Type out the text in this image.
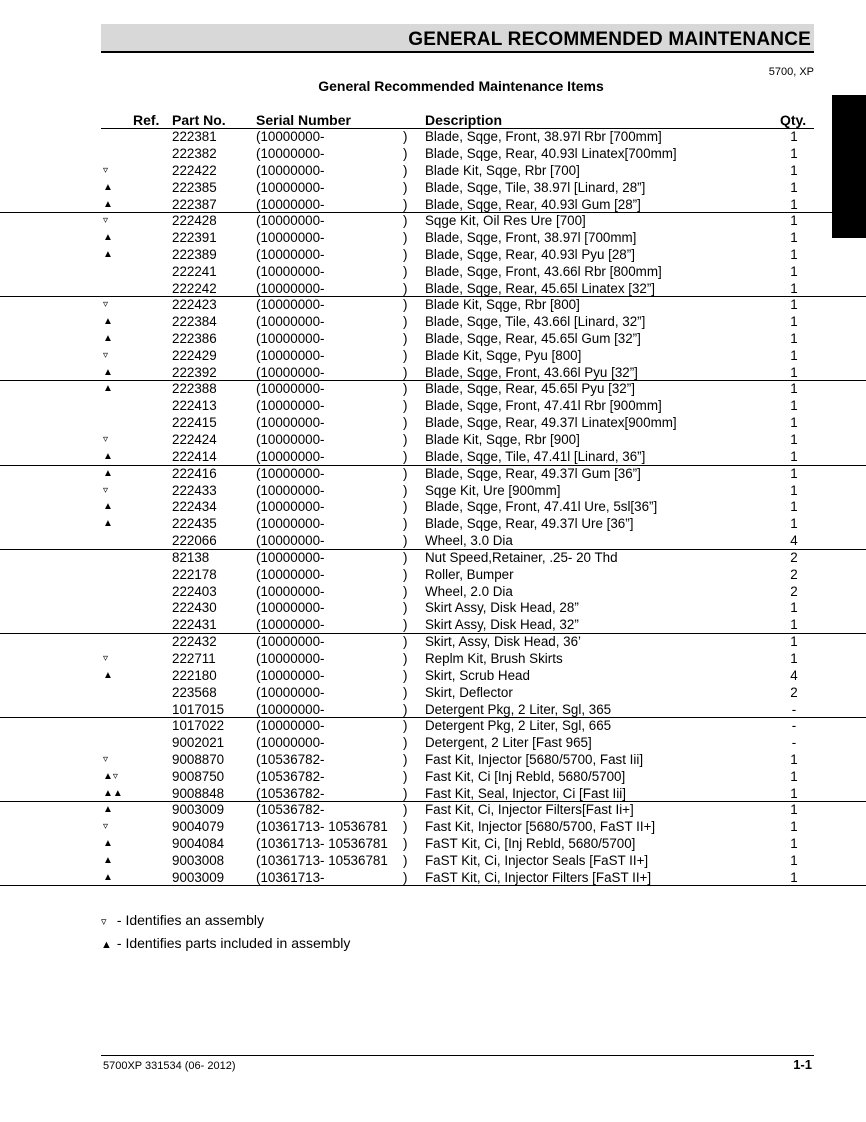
GENERAL RECOMMENDED MAINTENANCE
5700, XP
General Recommended Maintenance Items
Ref. Part No. Serial Number	Description	Qty.
222381	(10000000-	) Blade, Sqge, Front, 38.97l Rbr [700mm]	1
222382	(10000000-	) Blade, Sqge, Rear, 40.93l Linatex[700mm]	1
▿	222422	(10000000-	) Blade Kit, Sqge, Rbr [700]	1
▲	222385	(10000000-	) Blade, Sqge, Tile, 38.97l [Linard, 28”]	1
▲	222387	(10000000-	) Blade, Sqge, Rear, 40.93l Gum [28”]	1
▿	222428	(10000000-	) Sqge Kit, Oil Res Ure [700]	1
▲	222391	(10000000-	) Blade, Sqge, Front, 38.97l [700mm]	1
▲	222389	(10000000-	) Blade, Sqge, Rear, 40.93l Pyu [28”]	1
222241	(10000000-	) Blade, Sqge, Front, 43.66l Rbr [800mm]	1
222242	(10000000-	) Blade, Sqge, Rear, 45.65l Linatex [32”]	1
▿	222423	(10000000-	) Blade Kit, Sqge, Rbr [800]	1
▲	222384	(10000000-	) Blade, Sqge, Tile, 43.66l [Linard, 32”]	1
▲	222386	(10000000-	) Blade, Sqge, Rear, 45.65l Gum [32”]	1
▿	222429	(10000000-	) Blade Kit, Sqge, Pyu [800]	1
▲	222392	(10000000-	) Blade, Sqge, Front, 43.66l Pyu [32”]	1
▲	222388	(10000000-	) Blade, Sqge, Rear, 45.65l Pyu [32”]	1
222413	(10000000-	) Blade, Sqge, Front, 47.41l Rbr [900mm]	1
222415	(10000000-	) Blade, Sqge, Rear, 49.37l Linatex[900mm]	1
▿	222424	(10000000-	) Blade Kit, Sqge, Rbr [900]	1
▲	222414	(10000000-	) Blade, Sqge, Tile, 47.41l [Linard, 36”]	1
▲	222416	(10000000-	) Blade, Sqge, Rear, 49.37l Gum [36”]	1
▿	222433	(10000000-	) Sqge Kit, Ure [900mm]	1
▲	222434	(10000000-	) Blade, Sqge, Front, 47.41l Ure, 5sl[36”]	1
▲	222435	(10000000-	) Blade, Sqge, Rear, 49.37l Ure [36”]	1
222066	(10000000-	) Wheel, 3.0 Dia	4
82138	(10000000-	) Nut Speed,Retainer, .25- 20 Thd	2
222178	(10000000-	) Roller, Bumper	2
222403	(10000000-	) Wheel, 2.0 Dia	2
222430	(10000000-	) Skirt Assy, Disk Head, 28”	1
222431	(10000000-	) Skirt Assy, Disk Head, 32”	1
222432	(10000000-	) Skirt, Assy, Disk Head, 36’	1
▿	222711	(10000000-	) Replm Kit, Brush Skirts	1
▲	222180	(10000000-	) Skirt, Scrub Head	4
223568	(10000000-	) Skirt, Deflector	2
1017015 (10000000-	) Detergent Pkg, 2 Liter, Sgl, 365	-
1017022 (10000000-	) Detergent Pkg, 2 Liter, Sgl, 665	-
9002021 (10000000-	) Detergent, 2 Liter [Fast 965]	-
▿	9008870 (10536782-	) Fast Kit, Injector [5680/5700, Fast Iii]	1
▲▿	9008750 (10536782-	) Fast Kit, Ci [Inj Rebld, 5680/5700]	1
▲▲	9008848 (10536782-	) Fast Kit, Seal, Injector, Ci [Fast Iii]	1
▲	9003009 (10536782-	) Fast Kit, Ci, Injector Filters[Fast Ii+]	1
▿	9004079 (10361713- 10536781 ) Fast Kit, Injector [5680/5700, FaST II+]	1
▲	9004084 (10361713- 10536781 ) FaST Kit, Ci, [Inj Rebld, 5680/5700]	1
▲	9003008 (10361713- 10536781 ) FaST Kit, Ci, Injector Seals [FaST II+]	1
▲	9003009 (10361713-	) FaST Kit, Ci, Injector Filters [FaST II+]	1
▿ - Identifies an assembly
▲ - Identifies parts included in assembly
5700XP 331534 (06- 2012)	1-1
